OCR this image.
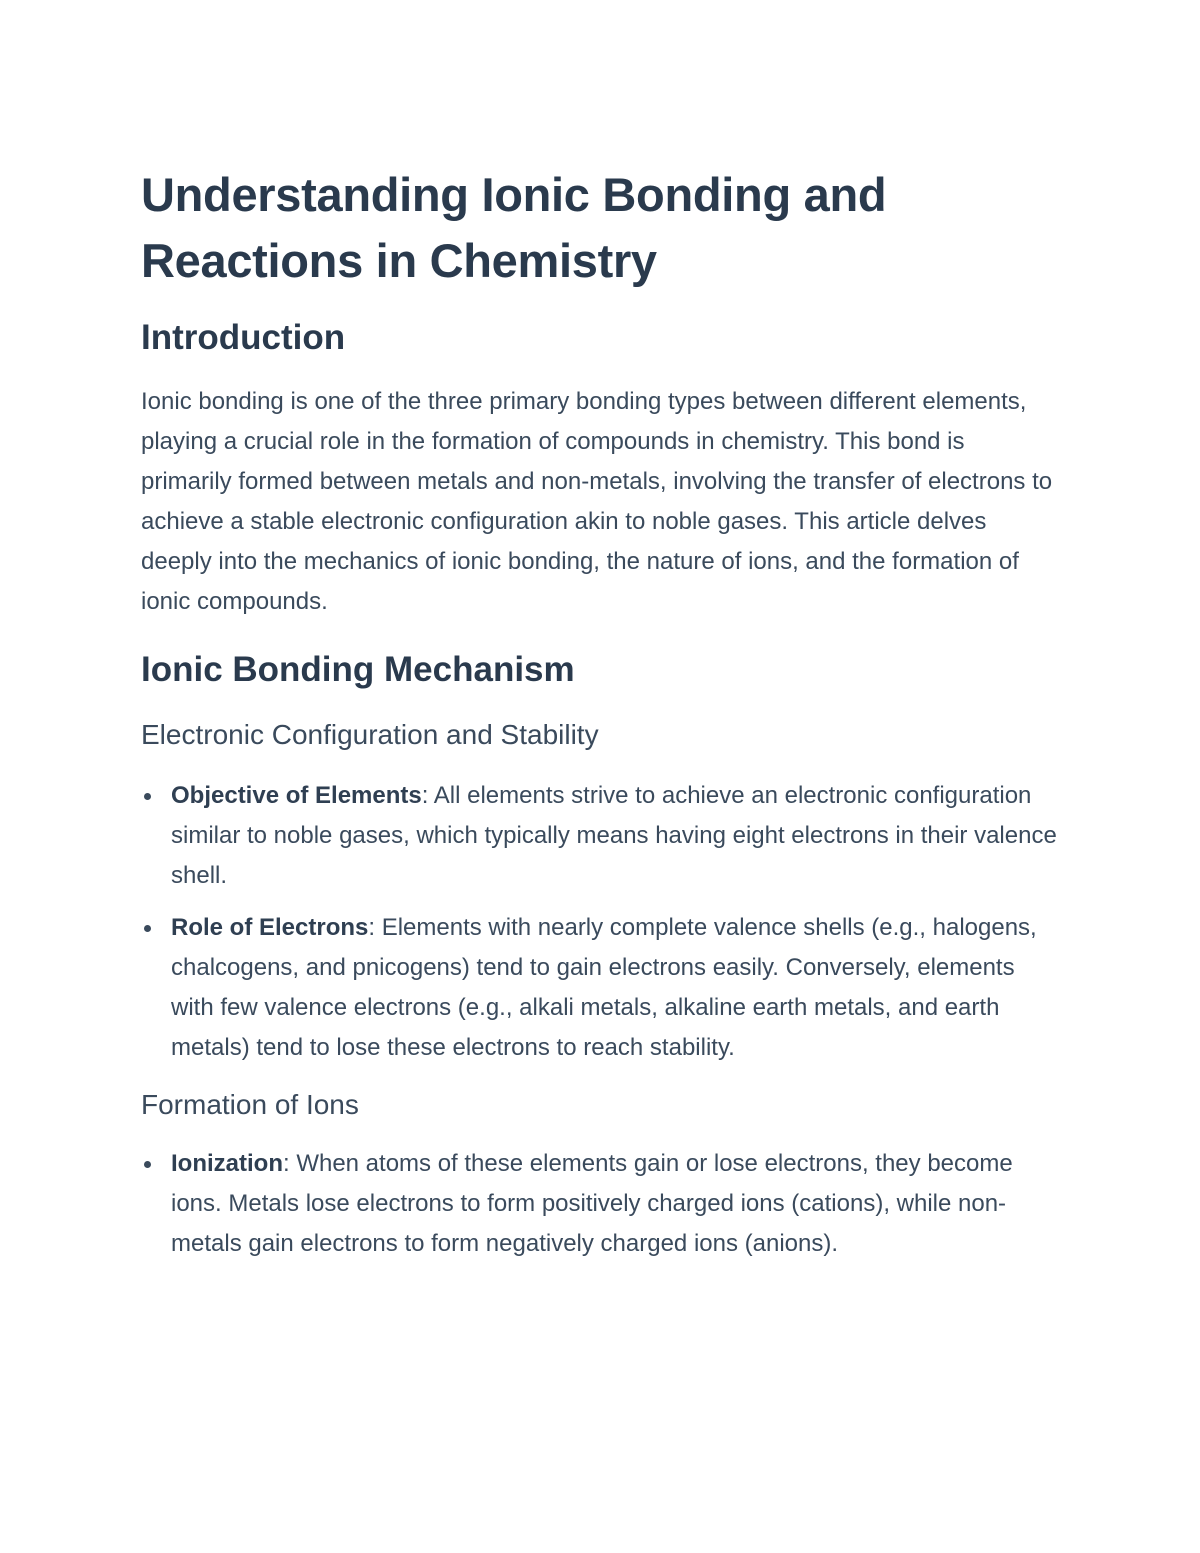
Understanding Ionic Bonding and Reactions in Chemistry
Introduction

Ionic bonding is one of the three primary bonding types between different elements, playing a crucial role in the formation of compounds in chemistry. This bond is primarily formed between metals and non-metals, involving the transfer of electrons to achieve a stable electronic configuration akin to noble gases. This article delves deeply into the mechanics of ionic bonding, the nature of ions, and the formation of ionic compounds.

Ionic Bonding Mechanism
Electronic Configuration and Stability
Objective of Elements: All elements strive to achieve an electronic configuration similar to noble gases, which typically means having eight electrons in their valence shell.
Role of Electrons: Elements with nearly complete valence shells (e.g., halogens, chalcogens, and pnicogens) tend to gain electrons easily. Conversely, elements with few valence electrons (e.g., alkali metals, alkaline earth metals, and earth metals) tend to lose these electrons to reach stability.
Formation of Ions
Ionization: When atoms of these elements gain or lose electrons, they become ions. Metals lose electrons to form positively charged ions (cations), while non-metals gain electrons to form negatively charged ions (anions).
